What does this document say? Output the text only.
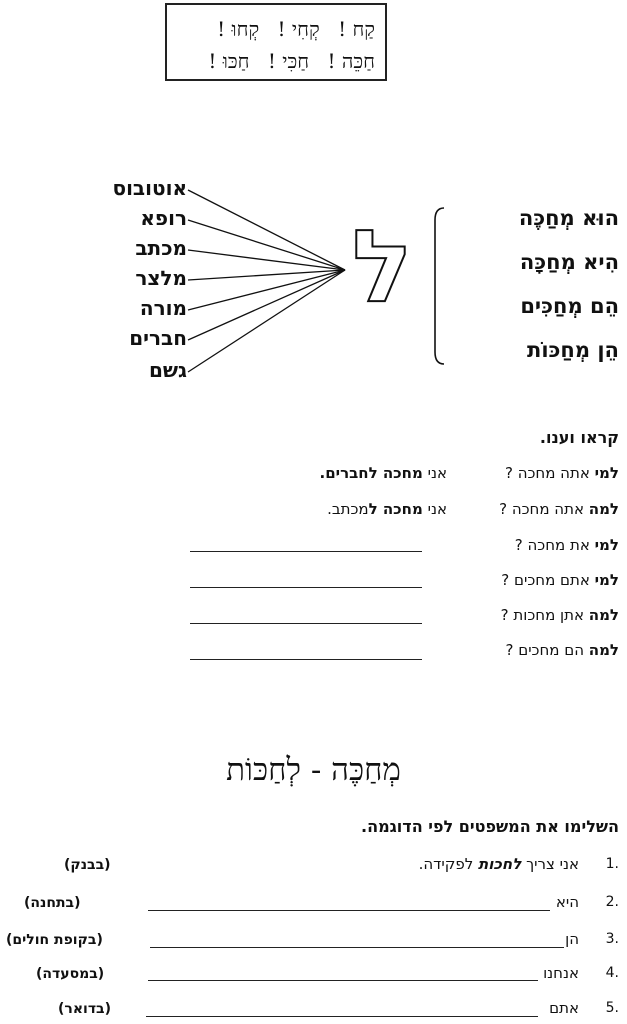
קַח ! קְחִי ! קְחוּ !
חַכֵּה ! חַכִּי ! חַכּוּ !
אוטובוס
רופא
מכתב
מלצר
מורה
חברים
גשם
ל	הוּא מְחַכֶּה
הִיא מְחַכָּה
הֵם מְחַכִּים
הֵן מְחַכּוֹת
קראו וענו.
למי אתה מחכה ?
אני מחכה לחברים.
למה אתה מחכה ?
אני מחכה למכתב.
למי את מחכה ?
למי אתם מחכים ?
למה אתן מחכות ?
למה הם מחכים ?
מְחַכֶּה - לְחַכּוֹת
השלימו את המשפטים לפי הדוגמה.
.1
אני צריך לחכות לפקידה.
(בבנק)
.2
היא
(בתחנה)
.3
הן
(בקופת חולים)
.4
אנחנו
(במסעדה)
.5
אתם
(בדואר)
